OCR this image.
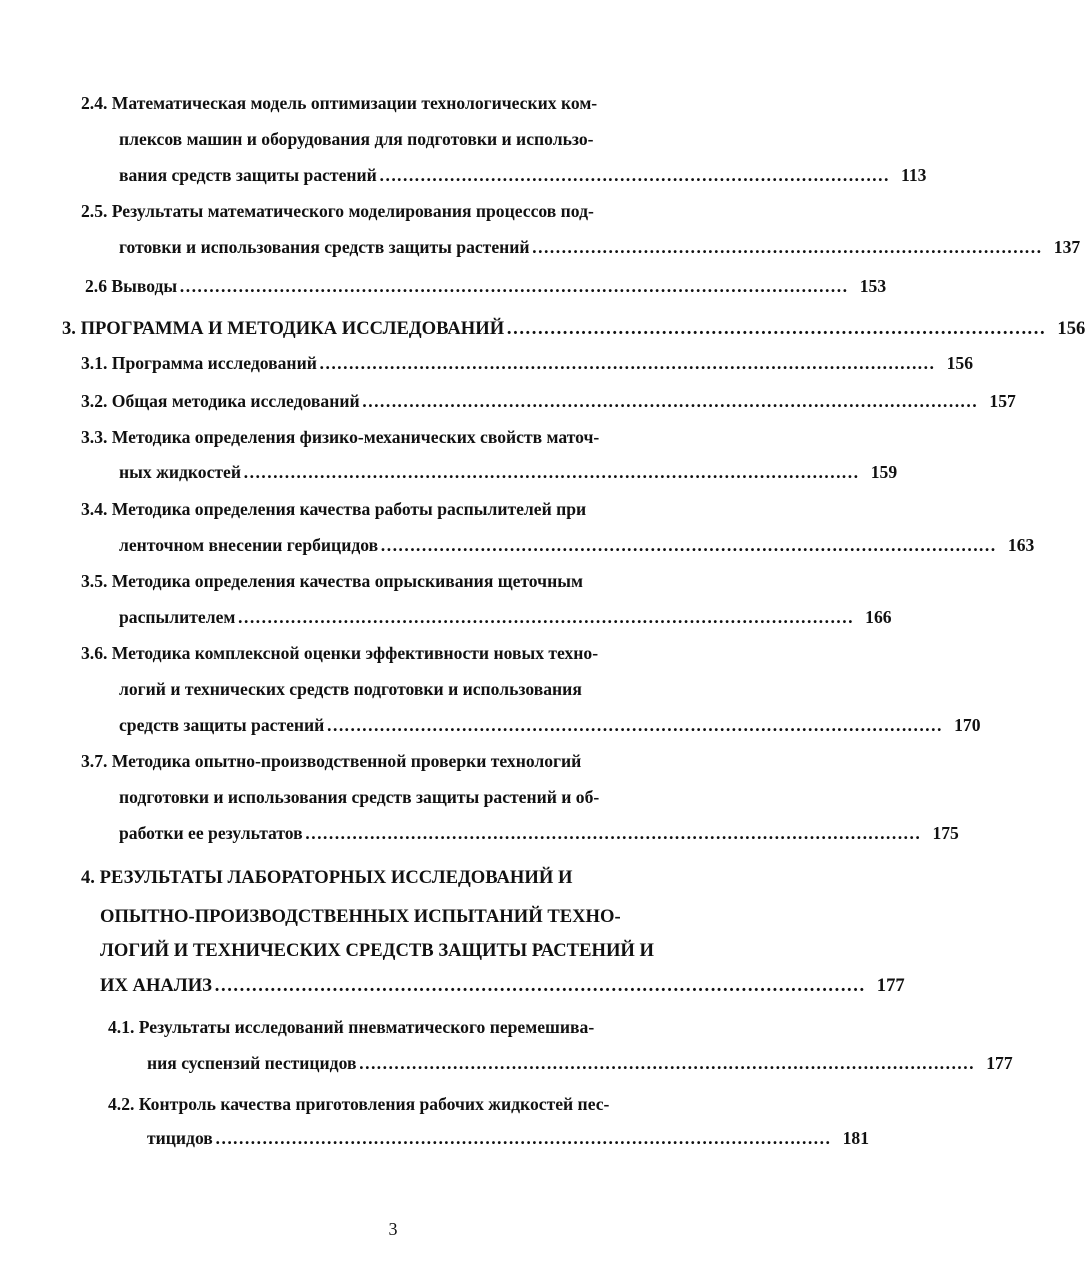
2.4. Математическая модель оптимизации технологических ком-
плексов машин и оборудования для подготовки и использо-
вания средств защиты растений …………………………………………………………………………… 113
2.5. Результаты математического моделирования процессов под-
готовки и использования средств защиты растений …………………………………………………………………………… 137
2.6 Выводы …………………………………………………………………………………………………… 153
3. ПРОГРАММА И МЕТОДИКА ИССЛЕДОВАНИЙ …………………………………………………………………………… 156
3.1. Программа исследований …………………………………………………………………………………………… 156
3.2. Общая методика исследований …………………………………………………………………………………………… 157
3.3. Методика определения физико-механических свойств маточ-
ных жидкостей …………………………………………………………………………………………… 159
3.4. Методика определения качества работы распылителей при
ленточном внесении гербицидов …………………………………………………………………………………………… 163
3.5. Методика определения качества опрыскивания щеточным
распылителем …………………………………………………………………………………………… 166
3.6. Методика комплексной оценки эффективности новых техно-
логий и технических средств подготовки и использования
средств защиты растений …………………………………………………………………………………………… 170
3.7. Методика опытно-производственной проверки технологий
подготовки и использования средств защиты растений и об-
работки ее результатов …………………………………………………………………………………………… 175
4. РЕЗУЛЬТАТЫ ЛАБОРАТОРНЫХ ИССЛЕДОВАНИЙ И
ОПЫТНО-ПРОИЗВОДСТВЕННЫХ ИСПЫТАНИЙ ТЕХНО-
ЛОГИЙ И ТЕХНИЧЕСКИХ СРЕДСТВ ЗАЩИТЫ РАСТЕНИЙ И
ИХ АНАЛИЗ …………………………………………………………………………………………… 177
4.1. Результаты исследований пневматического перемешива-
ния суспензий пестицидов …………………………………………………………………………………………… 177
4.2. Контроль качества приготовления рабочих жидкостей пес-
тицидов …………………………………………………………………………………………… 181
3
